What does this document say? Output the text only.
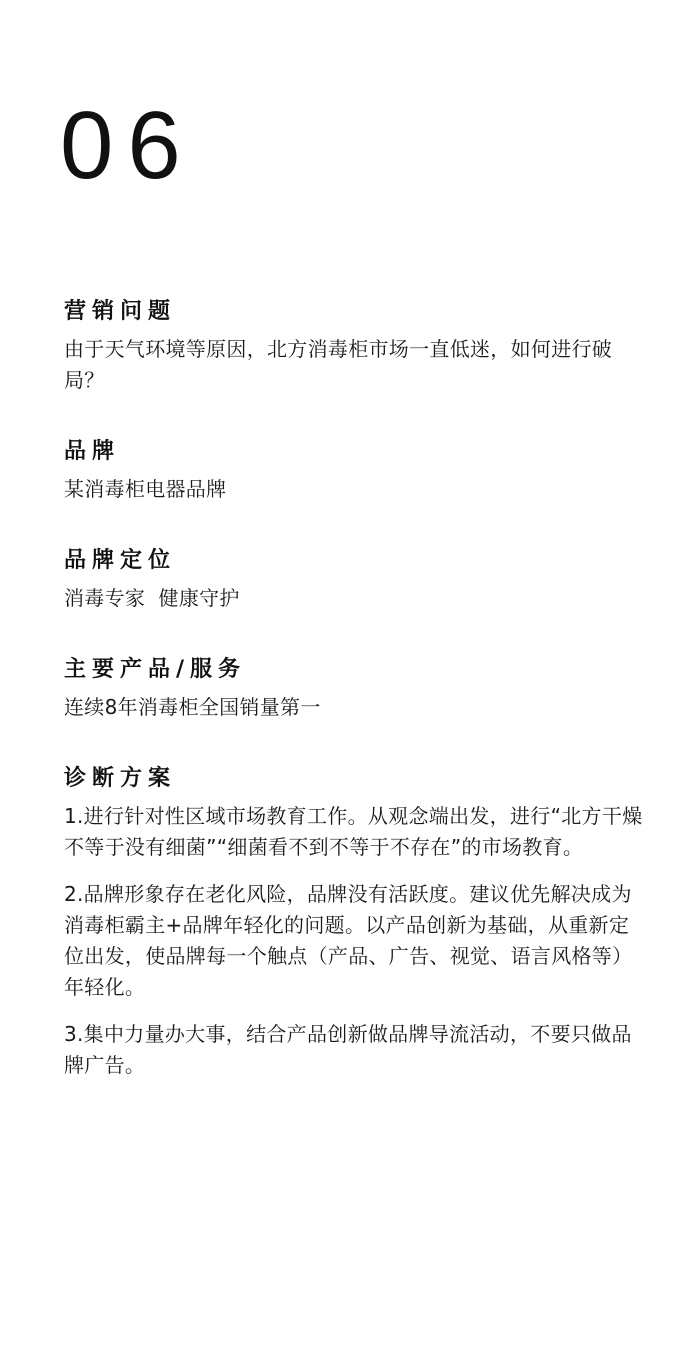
06
营销问题
由于天气环境等原因，北方消毒柜市场一直低迷，如何进行破局？
品牌
某消毒柜电器品牌
品牌定位
消毒专家  健康守护
主要产品/服务
连续8年消毒柜全国销量第一
诊断方案

1.进行针对性区域市场教育工作。从观念端出发，进行“北方干燥不等于没有细菌”“细菌看不到不等于不存在”的市场教育。

2.品牌形象存在老化风险，品牌没有活跃度。建议优先解决成为消毒柜霸主+品牌年轻化的问题。以产品创新为基础，从重新定位出发，使品牌每一个触点（产品、广告、视觉、语言风格等）年轻化。

3.集中力量办大事，结合产品创新做品牌导流活动，不要只做品牌广告。
